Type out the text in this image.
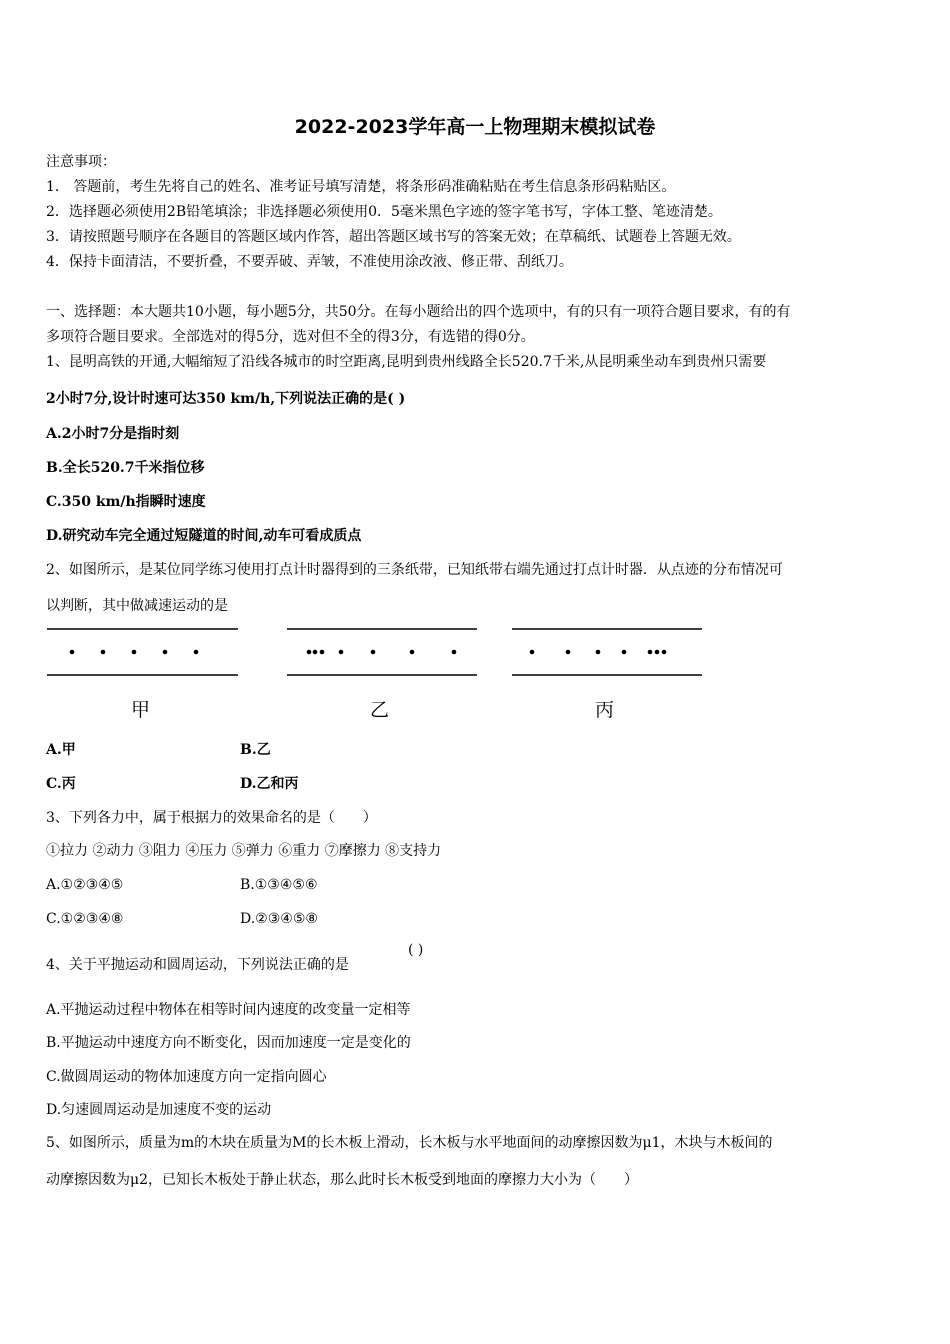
2022-2023学年高一上物理期末模拟试卷
注意事项：
1． 答题前，考生先将自己的姓名、准考证号填写清楚，将条形码准确粘贴在考生信息条形码粘贴区。
2．选择题必须使用2B铅笔填涂；非选择题必须使用0．5毫米黑色字迹的签字笔书写，字体工整、笔迹清楚。
3．请按照题号顺序在各题目的答题区域内作答，超出答题区域书写的答案无效；在草稿纸、试题卷上答题无效。
4．保持卡面清洁，不要折叠，不要弄破、弄皱，不准使用涂改液、修正带、刮纸刀。
一、选择题：本大题共10小题，每小题5分，共50分。在每小题给出的四个选项中，有的只有一项符合题目要求，有的有
多项符合题目要求。全部选对的得5分，选对但不全的得3分，有选错的得0分。
1、昆明高铁的开通,大幅缩短了沿线各城市的时空距离,昆明到贵州线路全长520.7千米,从昆明乘坐动车到贵州只需要
2小时7分,设计时速可达350 km/h,下列说法正确的是( )
A.2小时7分是指时刻
B.全长520.7千米指位移
C.350 km/h指瞬时速度
D.研究动车完全通过短隧道的时间,动车可看成质点
2、如图所示，是某位同学练习使用打点计时器得到的三条纸带，已知纸带右端先通过打点计时器．从点迹的分布情况可
以判断，其中做减速运动的是
甲	乙	丙
A.甲	B.乙
C.丙	D.乙和丙
3、下列各力中，属于根据力的效果命名的是（　　）
①拉力 ②动力 ③阻力 ④压力 ⑤弹力 ⑥重力 ⑦摩擦力 ⑧支持力
A.①②③④⑤	B.①③④⑤⑥
C.①②③④⑧	D.②③④⑤⑧
4、关于平抛运动和圆周运动，下列说法正确的是
( )
A.平抛运动过程中物体在相等时间内速度的改变量一定相等
B.平抛运动中速度方向不断变化，因而加速度一定是变化的
C.做圆周运动的物体加速度方向一定指向圆心
D.匀速圆周运动是加速度不变的运动
5、如图所示，质量为m的木块在质量为M的长木板上滑动，长木板与水平地面间的动摩擦因数为μ1，木块与木板间的
动摩擦因数为μ2，已知长木板处于静止状态，那么此时长木板受到地面的摩擦力大小为（　　）
